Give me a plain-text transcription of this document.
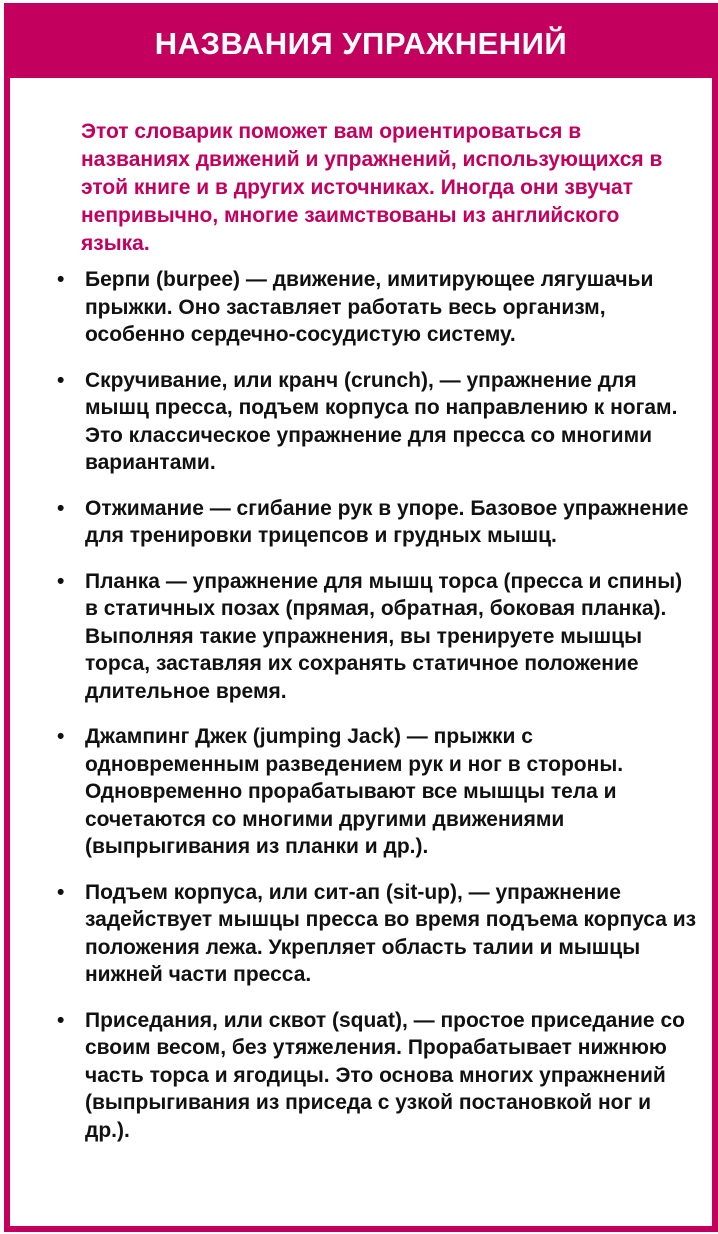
НАЗВАНИЯ УПРАЖНЕНИЙ

Этот словарик поможет вам ориентироваться в названиях движений и упражнений, использующихся в этой книге и в других источниках. Иногда они звучат непривычно, многие заимствованы из английского языка.

• Берпи (burpee) — движение, имитирующее лягушачьи прыжки. Оно заставляет работать весь организм, особенно сердечно-сосудистую систему.
• Скручивание, или кранч (crunch), — упражнение для мышц пресса, подъем корпуса по направлению к ногам. Это классическое упражнение для пресса со многими вариантами.
• Отжимание — сгибание рук в упоре. Базовое упражнение для тренировки трицепсов и грудных мышц.
• Планка — упражнение для мышц торса (пресса и спины) в статичных позах (прямая, обратная, боковая планка). Выполняя такие упражнения, вы тренируете мышцы торса, заставляя их сохранять статичное положение длительное время.
• Джампинг Джек (jumping Jack) — прыжки с одновременным разведением рук и ног в стороны. Одновременно прорабатывают все мышцы тела и сочетаются со многими другими движениями (выпрыгивания из планки и др.).
• Подъем корпуса, или сит-ап (sit-up), — упражнение задействует мышцы пресса во время подъема корпуса из положения лежа. Укрепляет область талии и мышцы нижней части пресса.
• Приседания, или сквот (squat), — простое приседание со своим весом, без утяжеления. Прорабатывает нижнюю часть торса и ягодицы. Это основа многих упражнений (выпрыгивания из приседа с узкой постановкой ног и др.).
